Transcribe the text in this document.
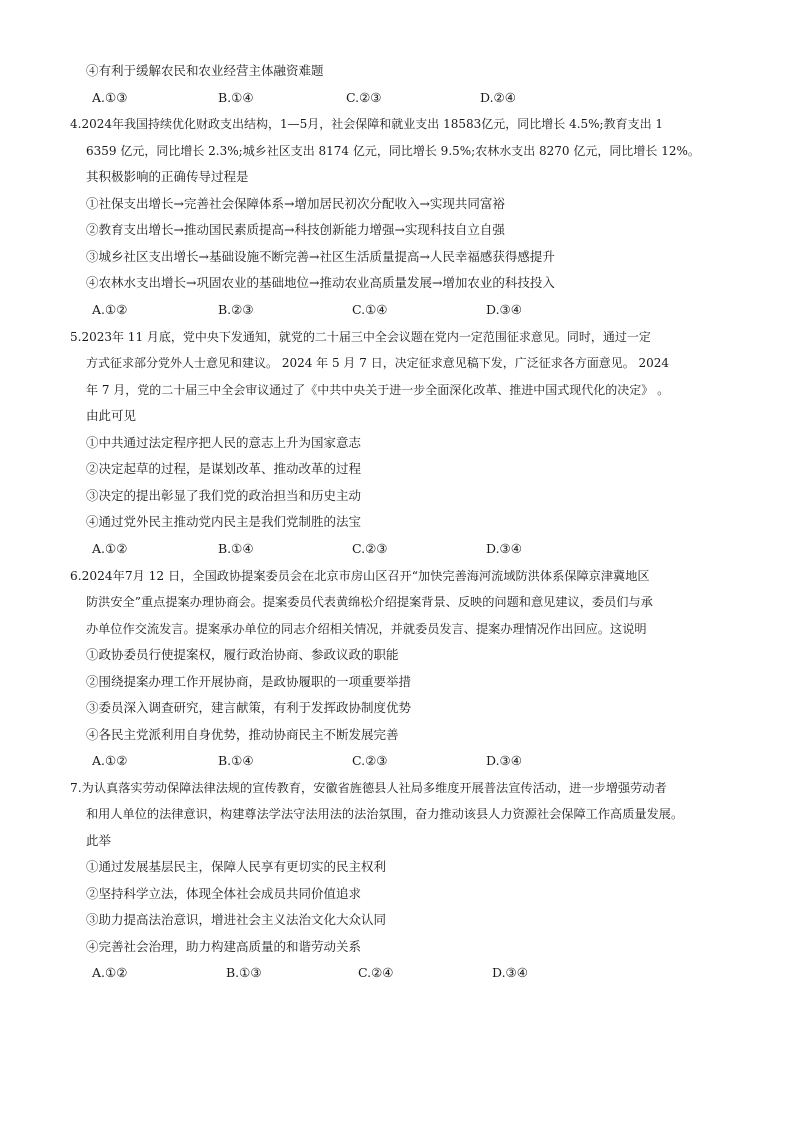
④有利于缓解农民和农业经营主体融资难题
A.①③	B.①④	C.②③	D.②④
4.2024年我国持续优化财政支出结构，1—5月，社会保障和就业支出 18583亿元，同比增长 4.5%;教育支出 1
6359 亿元，同比增长 2.3%;城乡社区支出 8174 亿元，同比增长 9.5%;农林水支出 8270 亿元，同比增长 12%。
其积极影响的正确传导过程是
①社保支出增长→完善社会保障体系→增加居民初次分配收入→实现共同富裕
②教育支出增长→推动国民素质提高→科技创新能力增强→实现科技自立自强
③城乡社区支出增长→基础设施不断完善→社区生活质量提高→人民幸福感获得感提升
④农林水支出增长→巩固农业的基础地位→推动农业高质量发展→增加农业的科技投入
A.①②	B.②③	C.①④	D.③④
5.2023年 11 月底，党中央下发通知，就党的二十届三中全会议题在党内一定范围征求意见。同时，通过一定
方式征求部分党外人士意见和建议。 2024 年 5 月 7 日，决定征求意见稿下发，广泛征求各方面意见。 2024
年 7 月，党的二十届三中全会审议通过了《中共中央关于进一步全面深化改革、推进中国式现代化的决定》 。
由此可见
①中共通过法定程序把人民的意志上升为国家意志
②决定起草的过程，是谋划改革、推动改革的过程
③决定的提出彰显了我们党的政治担当和历史主动
④通过党外民主推动党内民主是我们党制胜的法宝
A.①②	B.①④	C.②③	D.③④
6.2024年7月 12 日，全国政协提案委员会在北京市房山区召开“加快完善海河流域防洪体系保障京津冀地区
防洪安全”重点提案办理协商会。提案委员代表黄绵松介绍提案背景、反映的问题和意见建议，委员们与承
办单位作交流发言。提案承办单位的同志介绍相关情况，并就委员发言、提案办理情况作出回应。这说明
①政协委员行使提案权，履行政治协商、参政议政的职能
②围绕提案办理工作开展协商，是政协履职的一项重要举措
③委员深入调查研究，建言献策，有利于发挥政协制度优势
④各民主党派利用自身优势，推动协商民主不断发展完善
A.①②	B.①④	C.②③	D.③④
7.为认真落实劳动保障法律法规的宣传教育，安徽省旌德县人社局多维度开展普法宣传活动，进一步增强劳动者
和用人单位的法律意识，构建尊法学法守法用法的法治氛围，奋力推动该县人力资源社会保障工作高质量发展。
此举
①通过发展基层民主，保障人民享有更切实的民主权利
②坚持科学立法，体现全体社会成员共同价值追求
③助力提高法治意识，增进社会主义法治文化大众认同
④完善社会治理，助力构建高质量的和谐劳动关系
A.①②	B.①③	C.②④	D.③④
